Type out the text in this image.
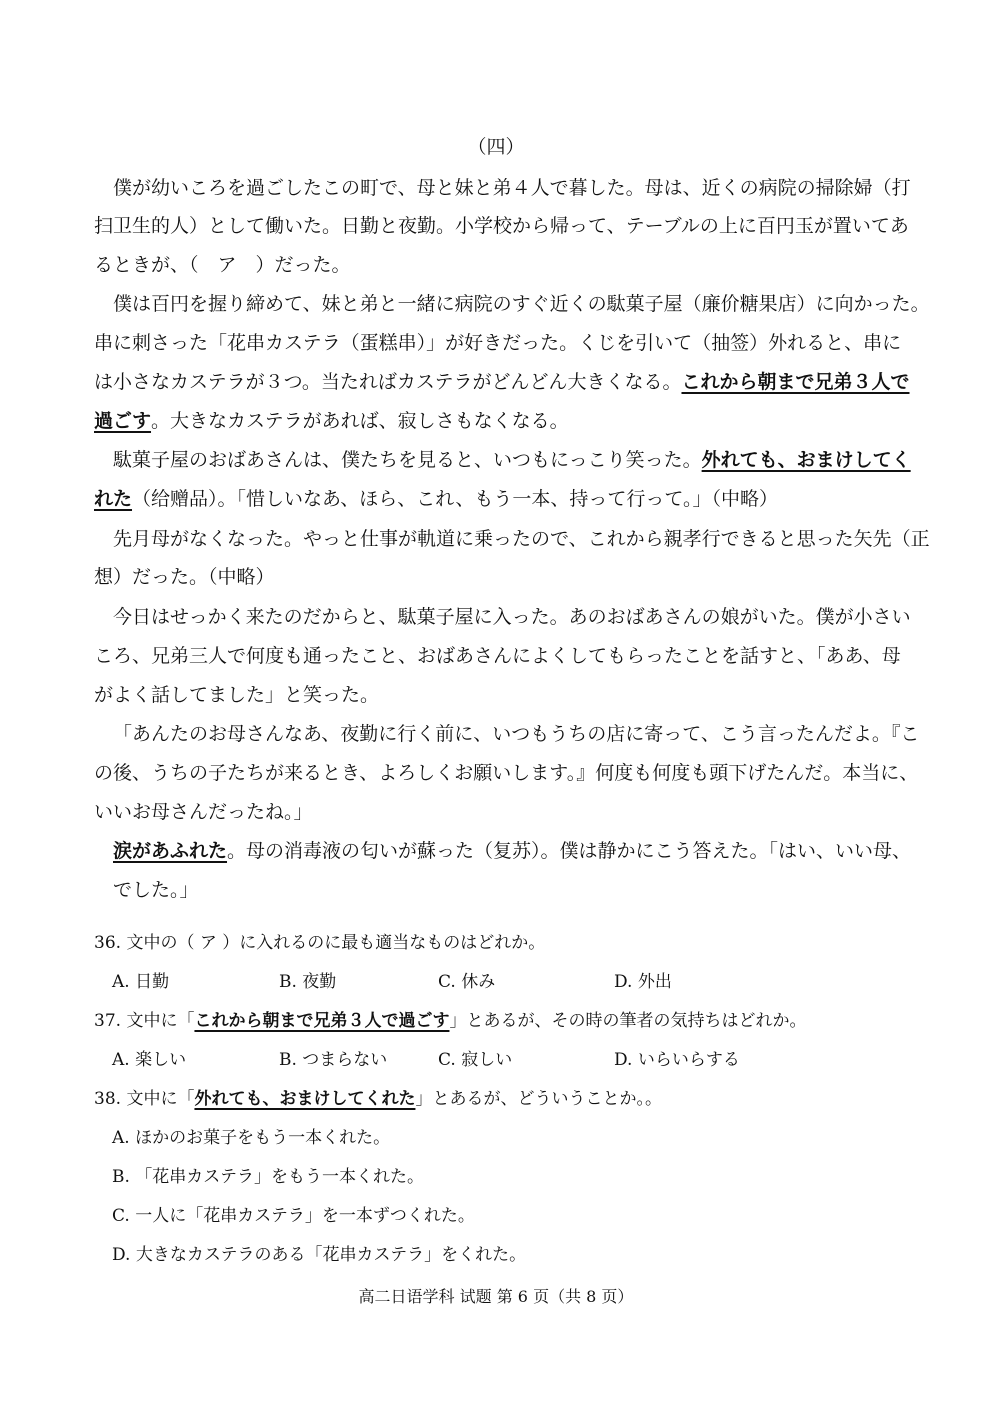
（四）
僕が幼いころを過ごしたこの町で、母と妹と弟４人で暮した。母は、近くの病院の掃除婦（打
扫卫生的人）として働いた。日勤と夜勤。小学校から帰って、テーブルの上に百円玉が置いてあ
るときが、（　ア　）だった。
僕は百円を握り締めて、妹と弟と一緒に病院のすぐ近くの駄菓子屋（廉价糖果店）に向かった。
串に刺さった「花串カステラ（蛋糕串）」が好きだった。くじを引いて（抽签）外れると、串に
は小さなカステラが３つ。当たればカステラがどんどん大きくなる。これから朝まで兄弟３人で
過ごす。大きなカステラがあれば、寂しさもなくなる。
駄菓子屋のおばあさんは、僕たちを見ると、いつもにっこり笑った。外れても、おまけしてく
れた（给赠品）。「惜しいなあ、ほら、これ、もう一本、持って行って。」（中略）
先月母がなくなった。やっと仕事が軌道に乗ったので、これから親孝行できると思った矢先（正
想）だった。（中略）
今日はせっかく来たのだからと、駄菓子屋に入った。あのおばあさんの娘がいた。僕が小さい
ころ、兄弟三人で何度も通ったこと、おばあさんによくしてもらったことを話すと、「ああ、母
がよく話してました」と笑った。
「あんたのお母さんなあ、夜勤に行く前に、いつもうちの店に寄って、こう言ったんだよ。『こ
の後、うちの子たちが来るとき、よろしくお願いします。』何度も何度も頭下げたんだ。本当に、
いいお母さんだったね。」
涙があふれた。母の消毒液の匂いが蘇った（复苏）。僕は静かにこう答えた。「はい、いい母、
でした。」
36. 文中の（ ア ）に入れるのに最も適当なものはどれか。
A. 日勤	B. 夜勤	C. 休み	D. 外出
37. 文中に「これから朝まで兄弟３人で過ごす」とあるが、その時の筆者の気持ちはどれか。
A. 楽しい	B. つまらない	C. 寂しい	D. いらいらする
38. 文中に「外れても、おまけしてくれた」とあるが、どういうことか。。
A. ほかのお菓子をもう一本くれた。
B. 「花串カステラ」をもう一本くれた。
C. 一人に「花串カステラ」を一本ずつくれた。
D. 大きなカステラのある「花串カステラ」をくれた。
高二日语学科 试题 第 6 页（共 8 页）
